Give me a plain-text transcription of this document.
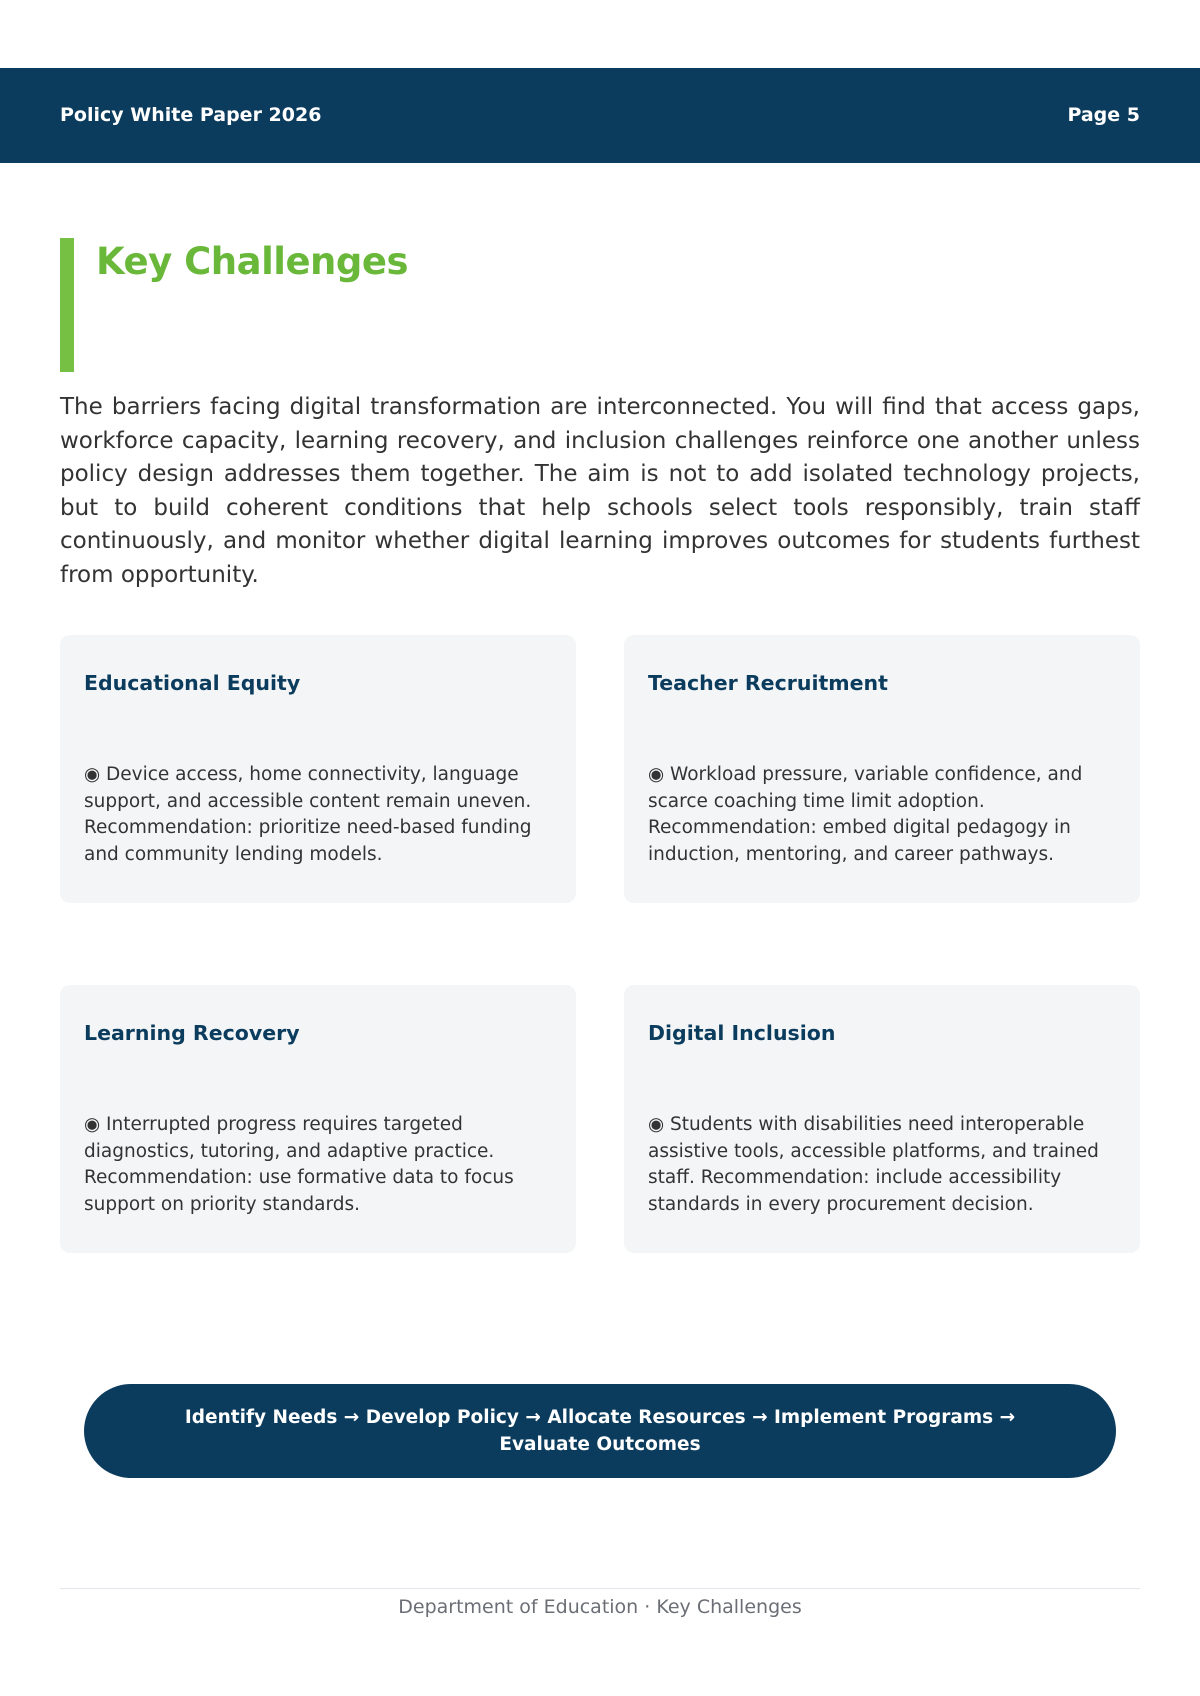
Policy White Paper 2026	Page 5
Key Challenges

The barriers facing digital transformation are interconnected. You will find that access gaps, workforce capacity, learning recovery, and inclusion challenges reinforce one another unless policy design addresses them together. The aim is not to add isolated technology projects, but to build coherent conditions that help schools select tools responsibly, train staff continuously, and monitor whether digital learning improves outcomes for students furthest from opportunity.

Educational Equity
◉ Device access, home connectivity, language support, and accessible content remain uneven. Recommendation: prioritize need-based funding and community lending models.
Teacher Recruitment
◉ Workload pressure, variable confidence, and scarce coaching time limit adoption. Recommendation: embed digital pedagogy in induction, mentoring, and career pathways.
Learning Recovery
◉ Interrupted progress requires targeted diagnostics, tutoring, and adaptive practice. Recommendation: use formative data to focus support on priority standards.
Digital Inclusion
◉ Students with disabilities need interoperable assistive tools, accessible platforms, and trained staff. Recommendation: include accessibility standards in every procurement decision.
Identify Needs → Develop Policy → Allocate Resources → Implement Programs → Evaluate Outcomes
Department of Education · Key Challenges
